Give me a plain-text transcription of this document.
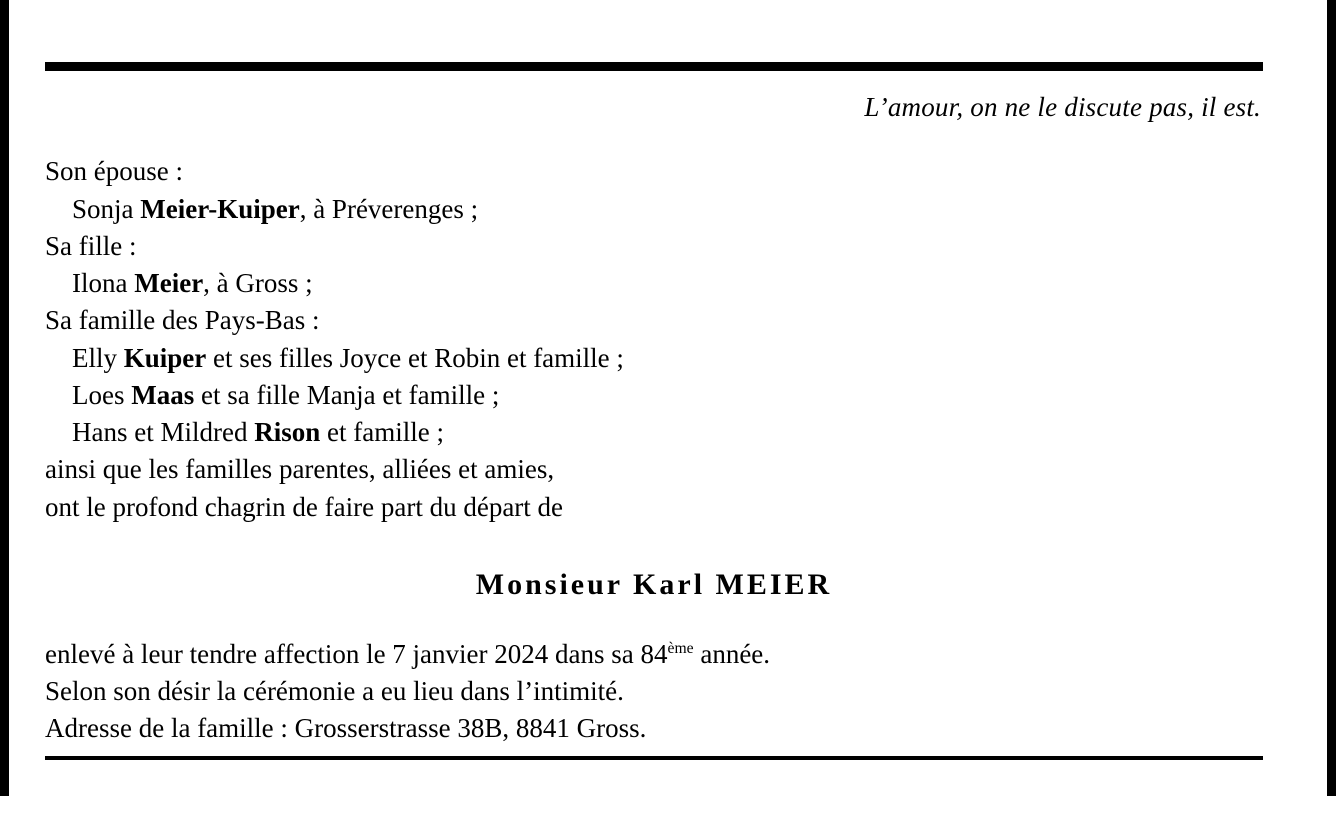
L’amour, on ne le discute pas, il est.
Son épouse :
Sonja Meier-Kuiper, à Préverenges ;
Sa fille :
Ilona Meier, à Gross ;
Sa famille des Pays-Bas :
Elly Kuiper et ses filles Joyce et Robin et famille ;
Loes Maas et sa fille Manja et famille ;
Hans et Mildred Rison et famille ;
ainsi que les familles parentes, alliées et amies,
ont le profond chagrin de faire part du départ de
Monsieur Karl MEIER
enlevé à leur tendre affection le 7 janvier 2024 dans sa 84ème année.
Selon son désir la cérémonie a eu lieu dans l’intimité.
Adresse de la famille : Grosserstrasse 38B, 8841 Gross.
